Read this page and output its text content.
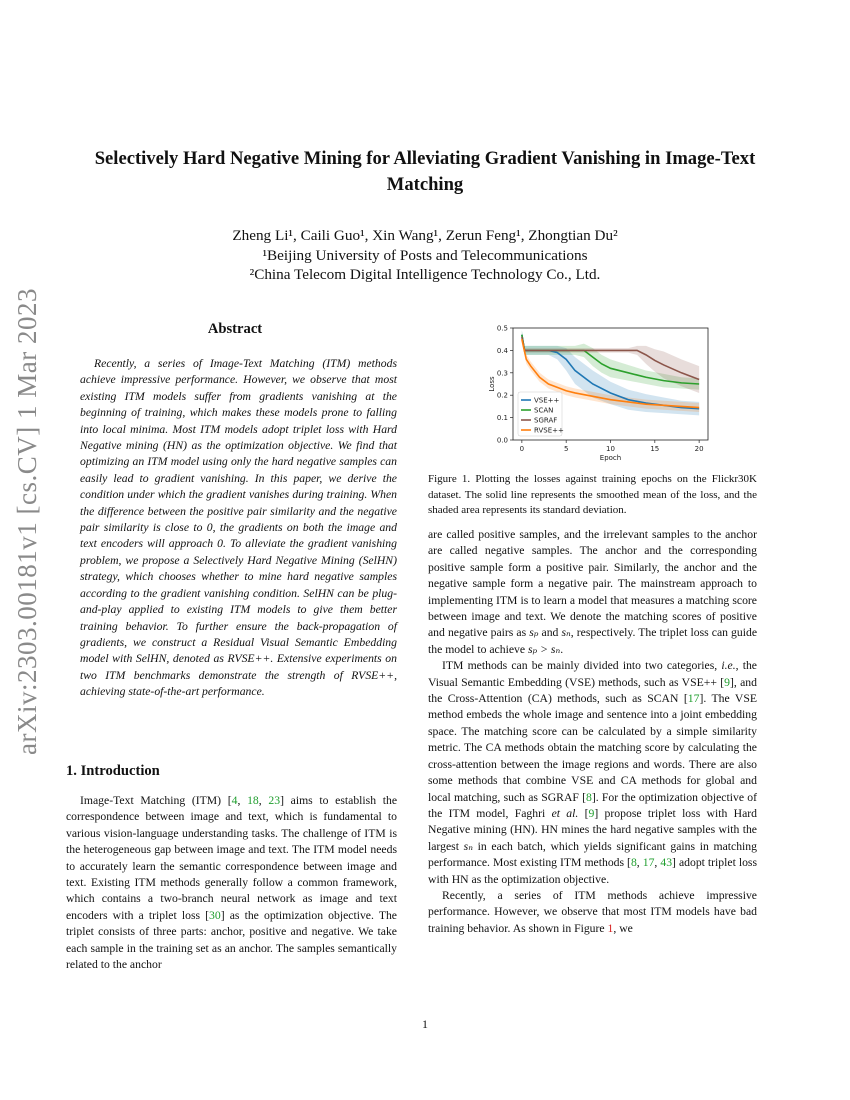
arXiv:2303.00181v1 [cs.CV] 1 Mar 2023
Selectively Hard Negative Mining for Alleviating Gradient Vanishing in Image-Text Matching
Zheng Li¹, Caili Guo¹, Xin Wang¹, Zerun Feng¹, Zhongtian Du²
¹Beijing University of Posts and Telecommunications
²China Telecom Digital Intelligence Technology Co., Ltd.
Abstract

Recently, a series of Image-Text Matching (ITM) methods achieve impressive performance. However, we observe that most existing ITM models suffer from gradients vanishing at the beginning of training, which makes these models prone to falling into local minima. Most ITM models adopt triplet loss with Hard Negative mining (HN) as the optimization objective. We find that optimizing an ITM model using only the hard negative samples can easily lead to gradient vanishing. In this paper, we derive the condition under which the gradient vanishes during training. When the difference between the positive pair similarity and the negative pair similarity is close to 0, the gradients on both the image and text encoders will approach 0. To alleviate the gradient vanishing problem, we propose a Selectively Hard Negative Mining (SelHN) strategy, which chooses whether to mine hard negative samples according to the gradient vanishing condition. SelHN can be plug-and-play applied to existing ITM models to give them better training behavior. To further ensure the back-propagation of gradients, we construct a Residual Visual Semantic Embedding model with SelHN, denoted as RVSE++. Extensive experiments on two ITM benchmarks demonstrate the strength of RVSE++, achieving state-of-the-art performance.

1. Introduction

Image-Text Matching (ITM) [4, 18, 23] aims to establish the correspondence between image and text, which is fundamental to various vision-language understanding tasks. The challenge of ITM is the heterogeneous gap between image and text. The ITM model needs to accurately learn the semantic correspondence between image and text. Existing ITM methods generally follow a common framework, which contains a two-branch neural network as image and text encoders with a triplet loss [30] as the optimization objective. The triplet consists of three parts: anchor, positive and negative. We take each sample in the training set as an anchor. The samples semantically related to the anchor

0.0
0.1
0.2
0.3
0.4
0.5
0	5	10	15	20
Epoch
Loss
VSE++
SCAN
SGRAF
RVSE++
Figure 1. Plotting the losses against training epochs on the Flickr30K dataset. The solid line represents the smoothed mean of the loss, and the shaded area represents its standard deviation.

are called positive samples, and the irrelevant samples to the anchor are called negative samples. The anchor and the corresponding positive sample form a positive pair. Similarly, the anchor and the negative sample form a negative pair. The mainstream approach to implementing ITM is to learn a model that measures a matching score between image and text. We denote the matching scores of positive and negative pairs as sₚ and sₙ, respectively. The triplet loss can guide the model to achieve sₚ > sₙ.

ITM methods can be mainly divided into two categories, i.e., the Visual Semantic Embedding (VSE) methods, such as VSE++ [9], and the Cross-Attention (CA) methods, such as SCAN [17]. The VSE method embeds the whole image and sentence into a joint embedding space. The matching score can be calculated by a simple similarity metric. The CA methods obtain the matching score by calculating the cross-attention between the image regions and words. There are also some methods that combine VSE and CA methods for global and local matching, such as SGRAF [8]. For the optimization objective of the ITM model, Faghri et al. [9] propose triplet loss with Hard Negative mining (HN). HN mines the hard negative samples with the largest sₙ in each batch, which yields significant gains in matching performance. Most existing ITM methods [8, 17, 43] adopt triplet loss with HN as the optimization objective.

Recently, a series of ITM methods achieve impressive performance. However, we observe that most ITM models have bad training behavior. As shown in Figure 1, we

1
